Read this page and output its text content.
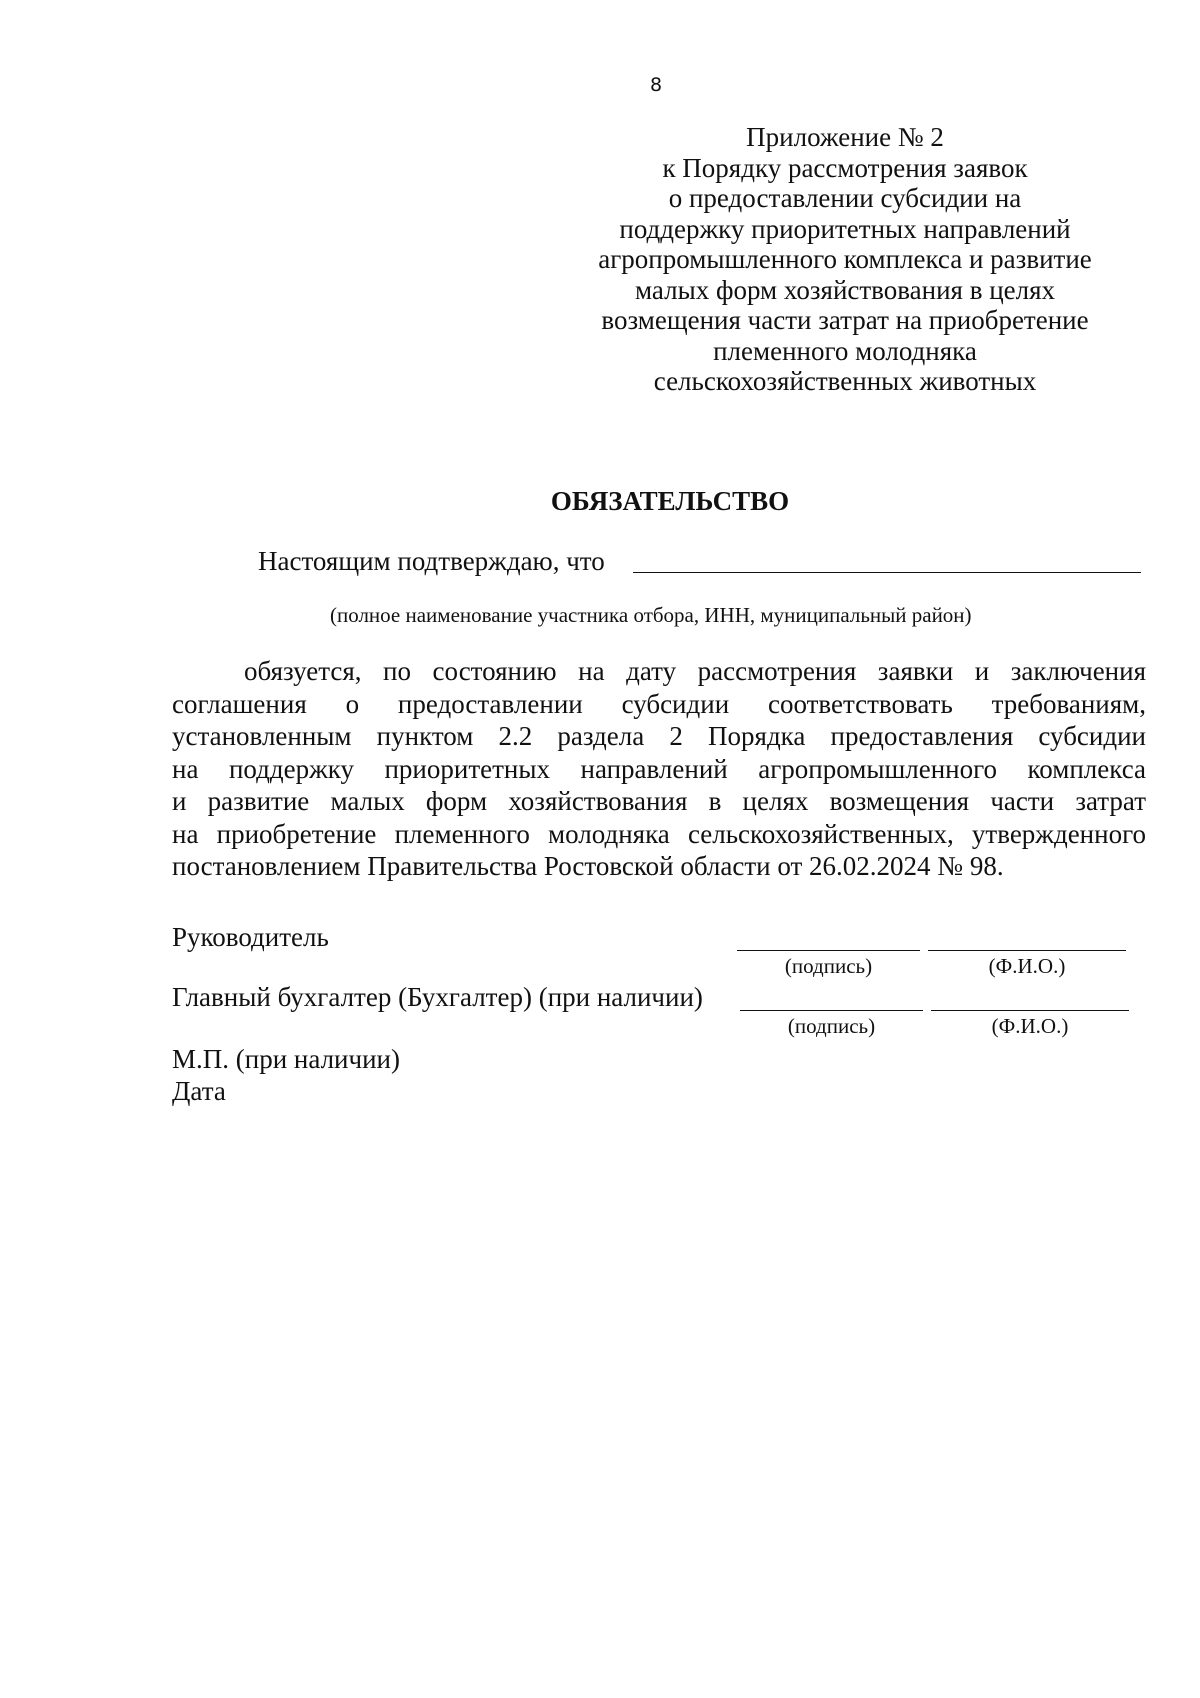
8
Приложение № 2
к Порядку рассмотрения заявок
о предоставлении субсидии на
поддержку приоритетных направлений
агропромышленного комплекса и развитие
малых форм хозяйствования в целях
возмещения части затрат на приобретение
племенного молодняка
сельскохозяйственных животных
ОБЯЗАТЕЛЬСТВО
Настоящим подтверждаю, что
(полное наименование участника отбора, ИНН, муниципальный район)
обязуется, по состоянию на дату рассмотрения заявки и заключения
соглашения о предоставлении субсидии соответствовать требованиям,
установленным пунктом 2.2 раздела 2 Порядка предоставления субсидии
на поддержку приоритетных направлений агропромышленного комплекса
и развитие малых форм хозяйствования в целях возмещения части затрат
на приобретение племенного молодняка сельскохозяйственных, утвержденного
постановлением Правительства Ростовской области от 26.02.2024 № 98.
Руководитель
(подпись)	(Ф.И.О.)
Главный бухгалтер (Бухгалтер) (при наличии)
(подпись)	(Ф.И.О.)
М.П. (при наличии)
Дата
